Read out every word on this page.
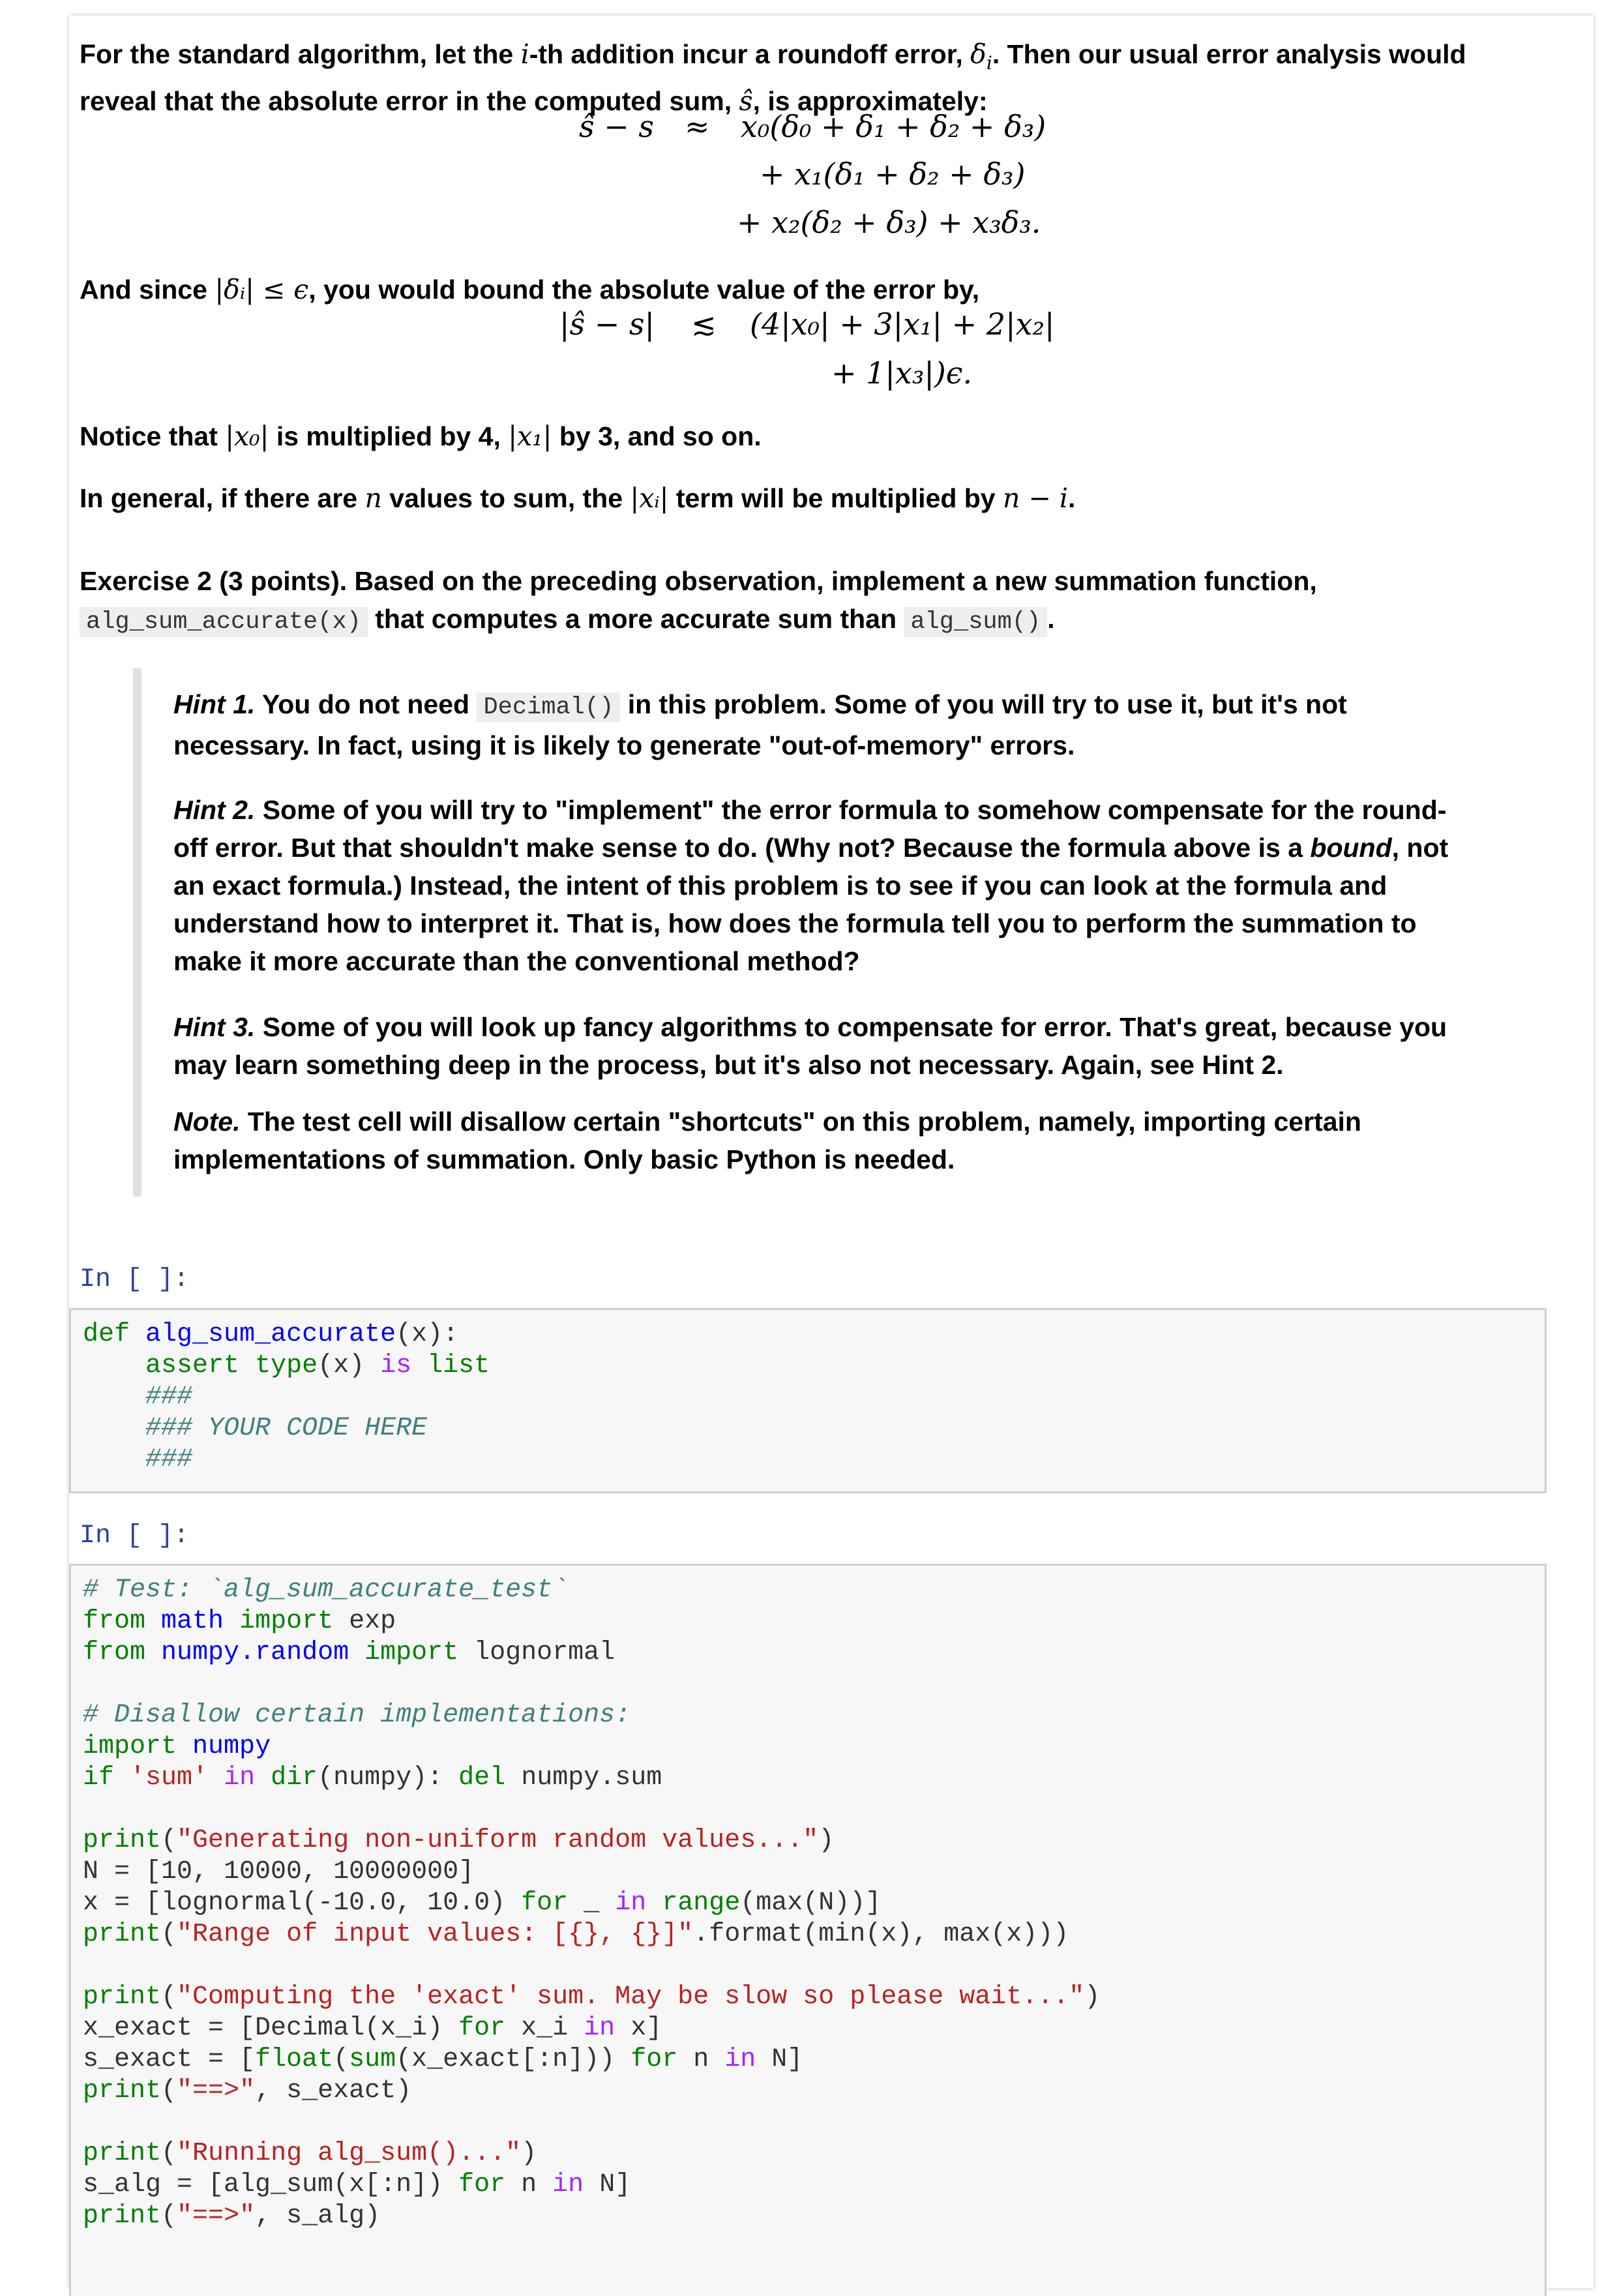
For the standard algorithm, let the i-th addition incur a roundoff error, $\delta_i$. Then our usual error analysis would
reveal that the absolute error in the computed sum, ŝ, is approximately:
ŝ − s ≈ x₀(δ₀ + δ₁ + δ₂ + δ₃)
+ x₁(δ₁ + δ₂ + δ₃)
+ x₂(δ₂ + δ₃) + x₃δ₃.
And since |δᵢ| ≤ ϵ, you would bound the absolute value of the error by,
|ŝ − s| ≲ (4|x₀| + 3|x₁| + 2|x₂|
+ 1|x₃|)ϵ.
Notice that |x₀| is multiplied by 4, |x₁| by 3, and so on.
In general, if there are n values to sum, the |xᵢ| term will be multiplied by n − i.
Exercise 2 (3 points). Based on the preceding observation, implement a new summation function,
alg_sum_accurate(x) that computes a more accurate sum than alg_sum() .
Hint 1. You do not need Decimal() in this problem. Some of you will try to use it, but it's not necessary. In fact, using it is likely to generate "out-of-memory" errors.
Hint 2. Some of you will try to "implement" the error formula to somehow compensate for the round-off error. But that shouldn't make sense to do. (Why not? Because the formula above is a bound, not an exact formula.) Instead, the intent of this problem is to see if you can look at the formula and understand how to interpret it. That is, how does the formula tell you to perform the summation to make it more accurate than the conventional method?
Hint 3. Some of you will look up fancy algorithms to compensate for error. That's great, because you may learn something deep in the process, but it's also not necessary. Again, see Hint 2.
Note. The test cell will disallow certain "shortcuts" on this problem, namely, importing certain implementations of summation. Only basic Python is needed.
In [ ]:
def alg_sum_accurate(x):
assert type(x) is list
###
### YOUR CODE HERE
###
In [ ]:
# Test: `alg_sum_accurate_test`
from math import exp
from numpy.random import lognormal

# Disallow certain implementations:
import numpy
if 'sum' in dir(numpy): del numpy.sum

print("Generating non-uniform random values...")
N = [10, 10000, 10000000]
x = [lognormal(-10.0, 10.0) for _ in range(max(N))]
print("Range of input values: [{}, {}]".format(min(x), max(x)))

print("Computing the 'exact' sum. May be slow so please wait...")
x_exact = [Decimal(x_i) for x_i in x]
s_exact = [float(sum(x_exact[:n])) for n in N]
print("==>", s_exact)

print("Running alg_sum()...")
s_alg = [alg_sum(x[:n]) for n in N]
print("==>", s_alg)
